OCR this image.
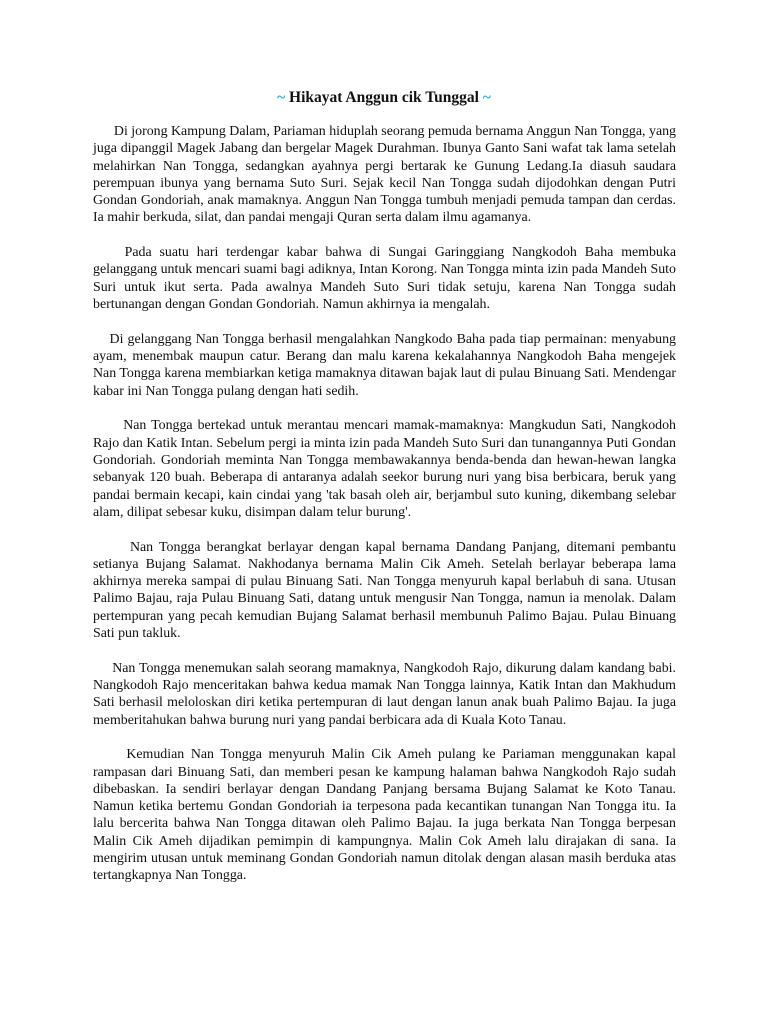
~ Hikayat Anggun cik Tunggal ~

Di jorong Kampung Dalam, Pariaman hiduplah seorang pemuda bernama Anggun Nan Tongga, yang juga dipanggil Magek Jabang dan bergelar Magek Durahman. Ibunya Ganto Sani wafat tak lama setelah melahirkan Nan Tongga, sedangkan ayahnya pergi bertarak ke Gunung Ledang.Ia diasuh saudara perempuan ibunya yang bernama Suto Suri. Sejak kecil Nan Tongga sudah dijodohkan dengan Putri Gondan Gondoriah, anak mamaknya. Anggun Nan Tongga tumbuh menjadi pemuda tampan dan cerdas. Ia mahir berkuda, silat, dan pandai mengaji Quran serta dalam ilmu agamanya.

Pada suatu hari terdengar kabar bahwa di Sungai Garinggiang Nangkodoh Baha membuka gelanggang untuk mencari suami bagi adiknya, Intan Korong. Nan Tongga minta izin pada Mandeh Suto Suri untuk ikut serta. Pada awalnya Mandeh Suto Suri tidak setuju, karena Nan Tongga sudah bertunangan dengan Gondan Gondoriah. Namun akhirnya ia mengalah.

Di gelanggang Nan Tongga berhasil mengalahkan Nangkodo Baha pada tiap permainan: menyabung ayam, menembak maupun catur. Berang dan malu karena kekalahannya Nangkodoh Baha mengejek Nan Tongga karena membiarkan ketiga mamaknya ditawan bajak laut di pulau Binuang Sati. Mendengar kabar ini Nan Tongga pulang dengan hati sedih.

Nan Tongga bertekad untuk merantau mencari mamak-mamaknya: Mangkudun Sati, Nangkodoh Rajo dan Katik Intan. Sebelum pergi ia minta izin pada Mandeh Suto Suri dan tunangannya Puti Gondan Gondoriah. Gondoriah meminta Nan Tongga membawakannya benda-benda dan hewan-hewan langka sebanyak 120 buah. Beberapa di antaranya adalah seekor burung nuri yang bisa berbicara, beruk yang pandai bermain kecapi, kain cindai yang 'tak basah oleh air, berjambul suto kuning, dikembang selebar alam, dilipat sebesar kuku, disimpan dalam telur burung'.

Nan Tongga berangkat berlayar dengan kapal bernama Dandang Panjang, ditemani pembantu setianya Bujang Salamat. Nakhodanya bernama Malin Cik Ameh. Setelah berlayar beberapa lama akhirnya mereka sampai di pulau Binuang Sati. Nan Tongga menyuruh kapal berlabuh di sana. Utusan Palimo Bajau, raja Pulau Binuang Sati, datang untuk mengusir Nan Tongga, namun ia menolak. Dalam pertempuran yang pecah kemudian Bujang Salamat berhasil membunuh Palimo Bajau. Pulau Binuang Sati pun takluk.

Nan Tongga menemukan salah seorang mamaknya, Nangkodoh Rajo, dikurung dalam kandang babi. Nangkodoh Rajo menceritakan bahwa kedua mamak Nan Tongga lainnya, Katik Intan dan Makhudum Sati berhasil meloloskan diri ketika pertempuran di laut dengan lanun anak buah Palimo Bajau. Ia juga memberitahukan bahwa burung nuri yang pandai berbicara ada di Kuala Koto Tanau.

Kemudian Nan Tongga menyuruh Malin Cik Ameh pulang ke Pariaman menggunakan kapal rampasan dari Binuang Sati, dan memberi pesan ke kampung halaman bahwa Nangkodoh Rajo sudah dibebaskan. Ia sendiri berlayar dengan Dandang Panjang bersama Bujang Salamat ke Koto Tanau. Namun ketika bertemu Gondan Gondoriah ia terpesona pada kecantikan tunangan Nan Tongga itu. Ia lalu bercerita bahwa Nan Tongga ditawan oleh Palimo Bajau. Ia juga berkata Nan Tongga berpesan Malin Cik Ameh dijadikan pemimpin di kampungnya. Malin Cok Ameh lalu dirajakan di sana. Ia mengirim utusan untuk meminang Gondan Gondoriah namun ditolak dengan alasan masih berduka atas tertangkapnya Nan Tongga.
